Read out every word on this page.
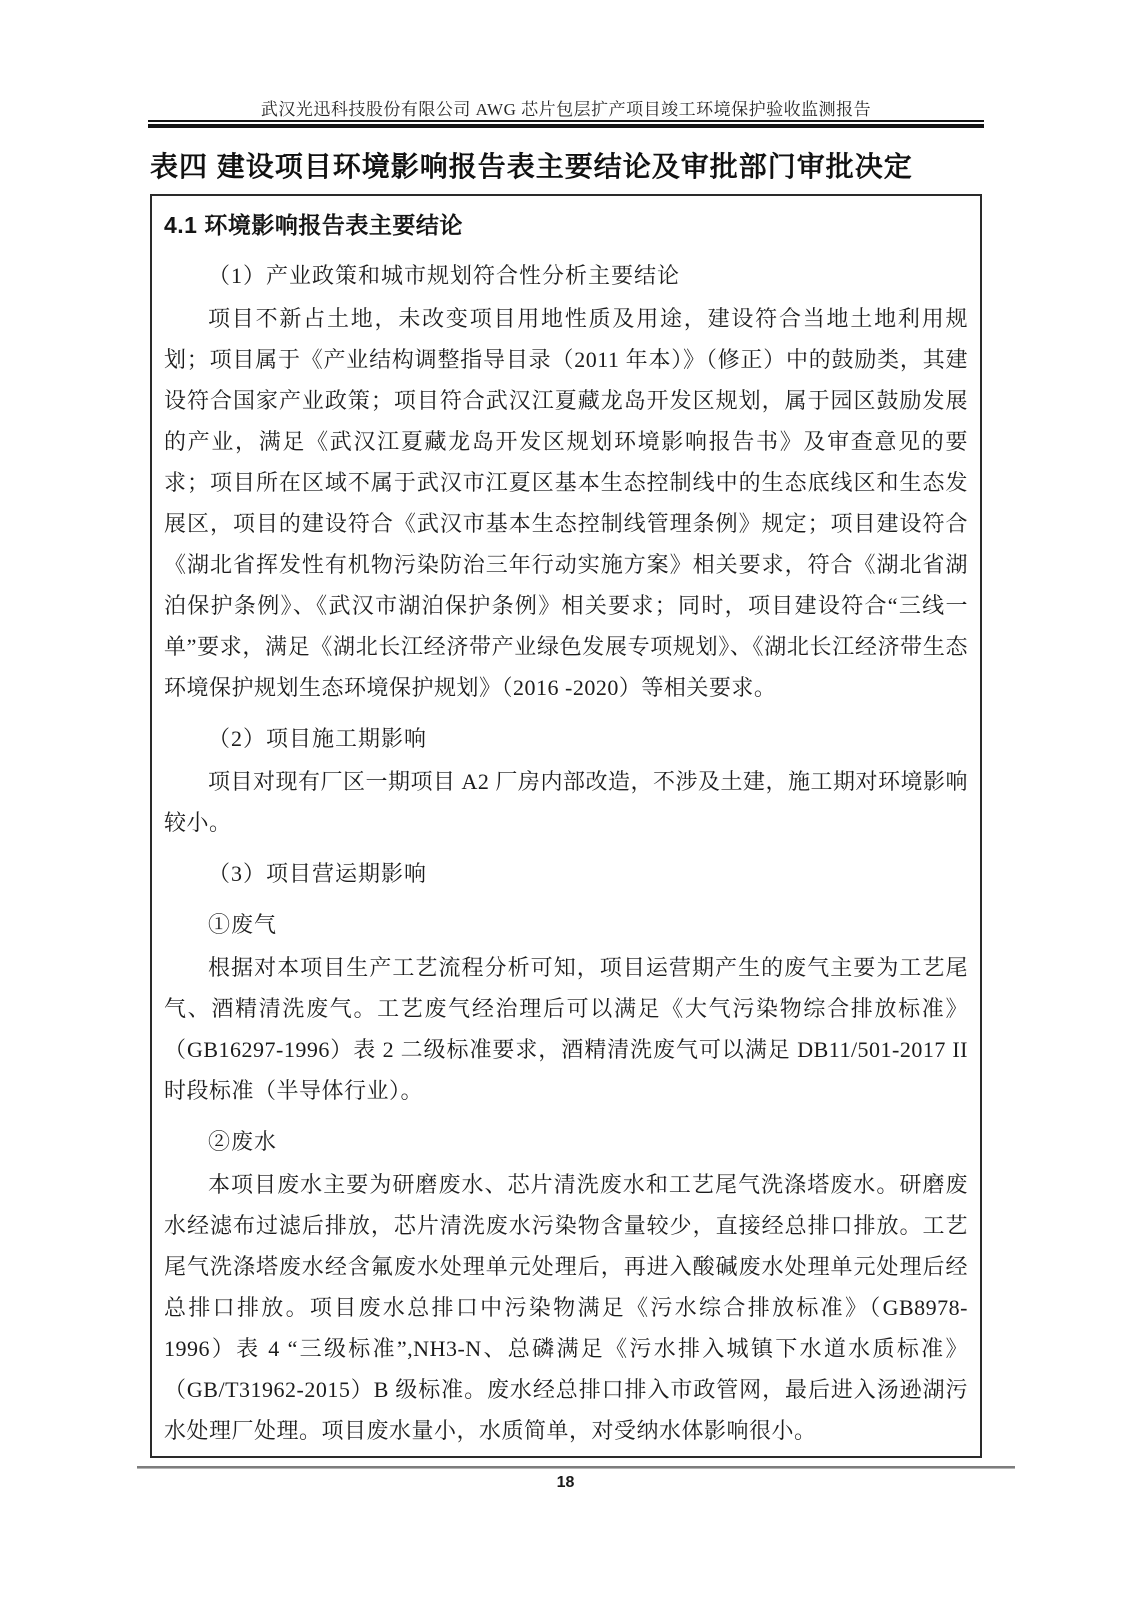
武汉光迅科技股份有限公司 AWG 芯片包层扩产项目竣工环境保护验收监测报告
表四 建设项目环境影响报告表主要结论及审批部门审批决定
4.1 环境影响报告表主要结论

（1）产业政策和城市规划符合性分析主要结论

项目不新占土地，未改变项目用地性质及用途，建设符合当地土地利用规划；项目属于《产业结构调整指导目录（2011 年本）》（修正）中的鼓励类，其建设符合国家产业政策；项目符合武汉江夏藏龙岛开发区规划，属于园区鼓励发展的产业，满足《武汉江夏藏龙岛开发区规划环境影响报告书》及审查意见的要求；项目所在区域不属于武汉市江夏区基本生态控制线中的生态底线区和生态发展区，项目的建设符合《武汉市基本生态控制线管理条例》规定；项目建设符合《湖北省挥发性有机物污染防治三年行动实施方案》相关要求，符合《湖北省湖泊保护条例》、《武汉市湖泊保护条例》相关要求；同时，项目建设符合“三线一单”要求，满足《湖北长江经济带产业绿色发展专项规划》、《湖北长江经济带生态环境保护规划生态环境保护规划》（2016 -2020）等相关要求。

（2）项目施工期影响

项目对现有厂区一期项目 A2 厂房内部改造，不涉及土建，施工期对环境影响较小。

（3）项目营运期影响

①废气

根据对本项目生产工艺流程分析可知，项目运营期产生的废气主要为工艺尾气、酒精清洗废气。工艺废气经治理后可以满足《大气污染物综合排放标准》（GB16297-1996）表 2 二级标准要求，酒精清洗废气可以满足 DB11/501-2017 II 时段标准（半导体行业）。

②废水

本项目废水主要为研磨废水、芯片清洗废水和工艺尾气洗涤塔废水。研磨废水经滤布过滤后排放，芯片清洗废水污染物含量较少，直接经总排口排放。工艺尾气洗涤塔废水经含氟废水处理单元处理后，再进入酸碱废水处理单元处理后经总排口排放。项目废水总排口中污染物满足《污水综合排放标准》（GB8978-1996）表 4 “三级标准”,NH3-N、总磷满足《污水排入城镇下水道水质标准》（GB/T31962-2015）B 级标准。废水经总排口排入市政管网，最后进入汤逊湖污水处理厂处理。项目废水量小，水质简单，对受纳水体影响很小。

18
